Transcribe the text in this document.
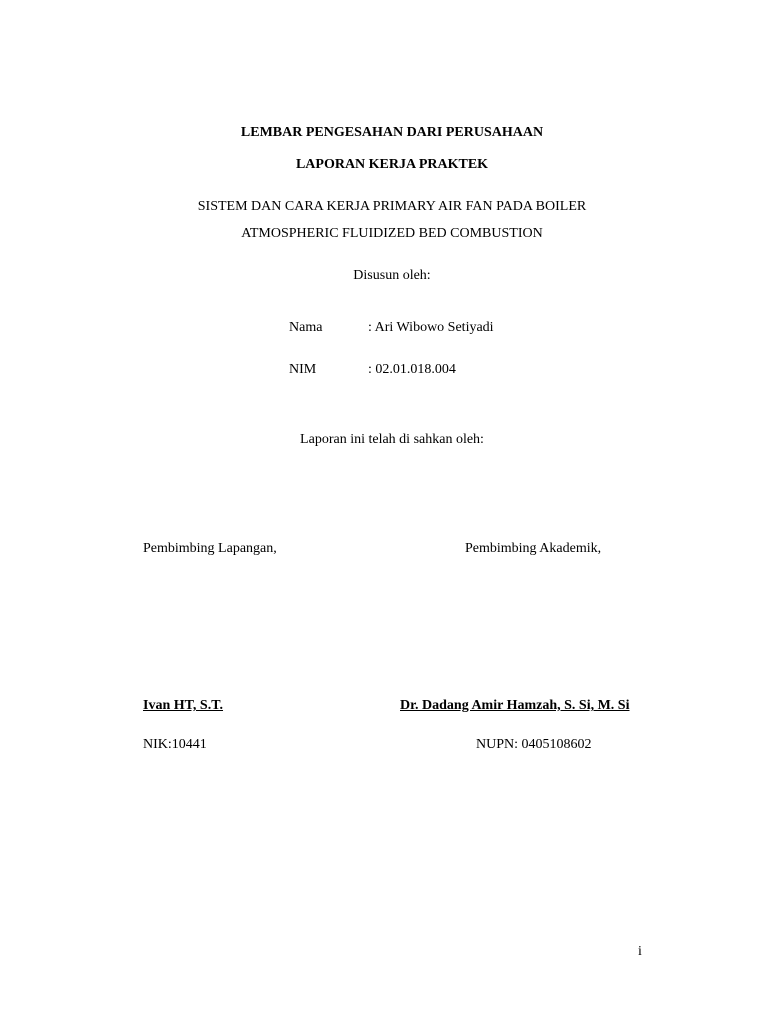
LEMBAR PENGESAHAN DARI PERUSAHAAN
LAPORAN KERJA PRAKTEK
SISTEM DAN CARA KERJA PRIMARY AIR FAN PADA BOILER
ATMOSPHERIC FLUIDIZED BED COMBUSTION
Disusun oleh:
Nama	: Ari Wibowo Setiyadi
NIM	: 02.01.018.004
Laporan ini telah di sahkan oleh:
Pembimbing Lapangan,	Pembimbing Akademik,
Ivan HT, S.T.	Dr. Dadang Amir Hamzah, S. Si, M. Si
NIK:10441	NUPN: 0405108602
i
